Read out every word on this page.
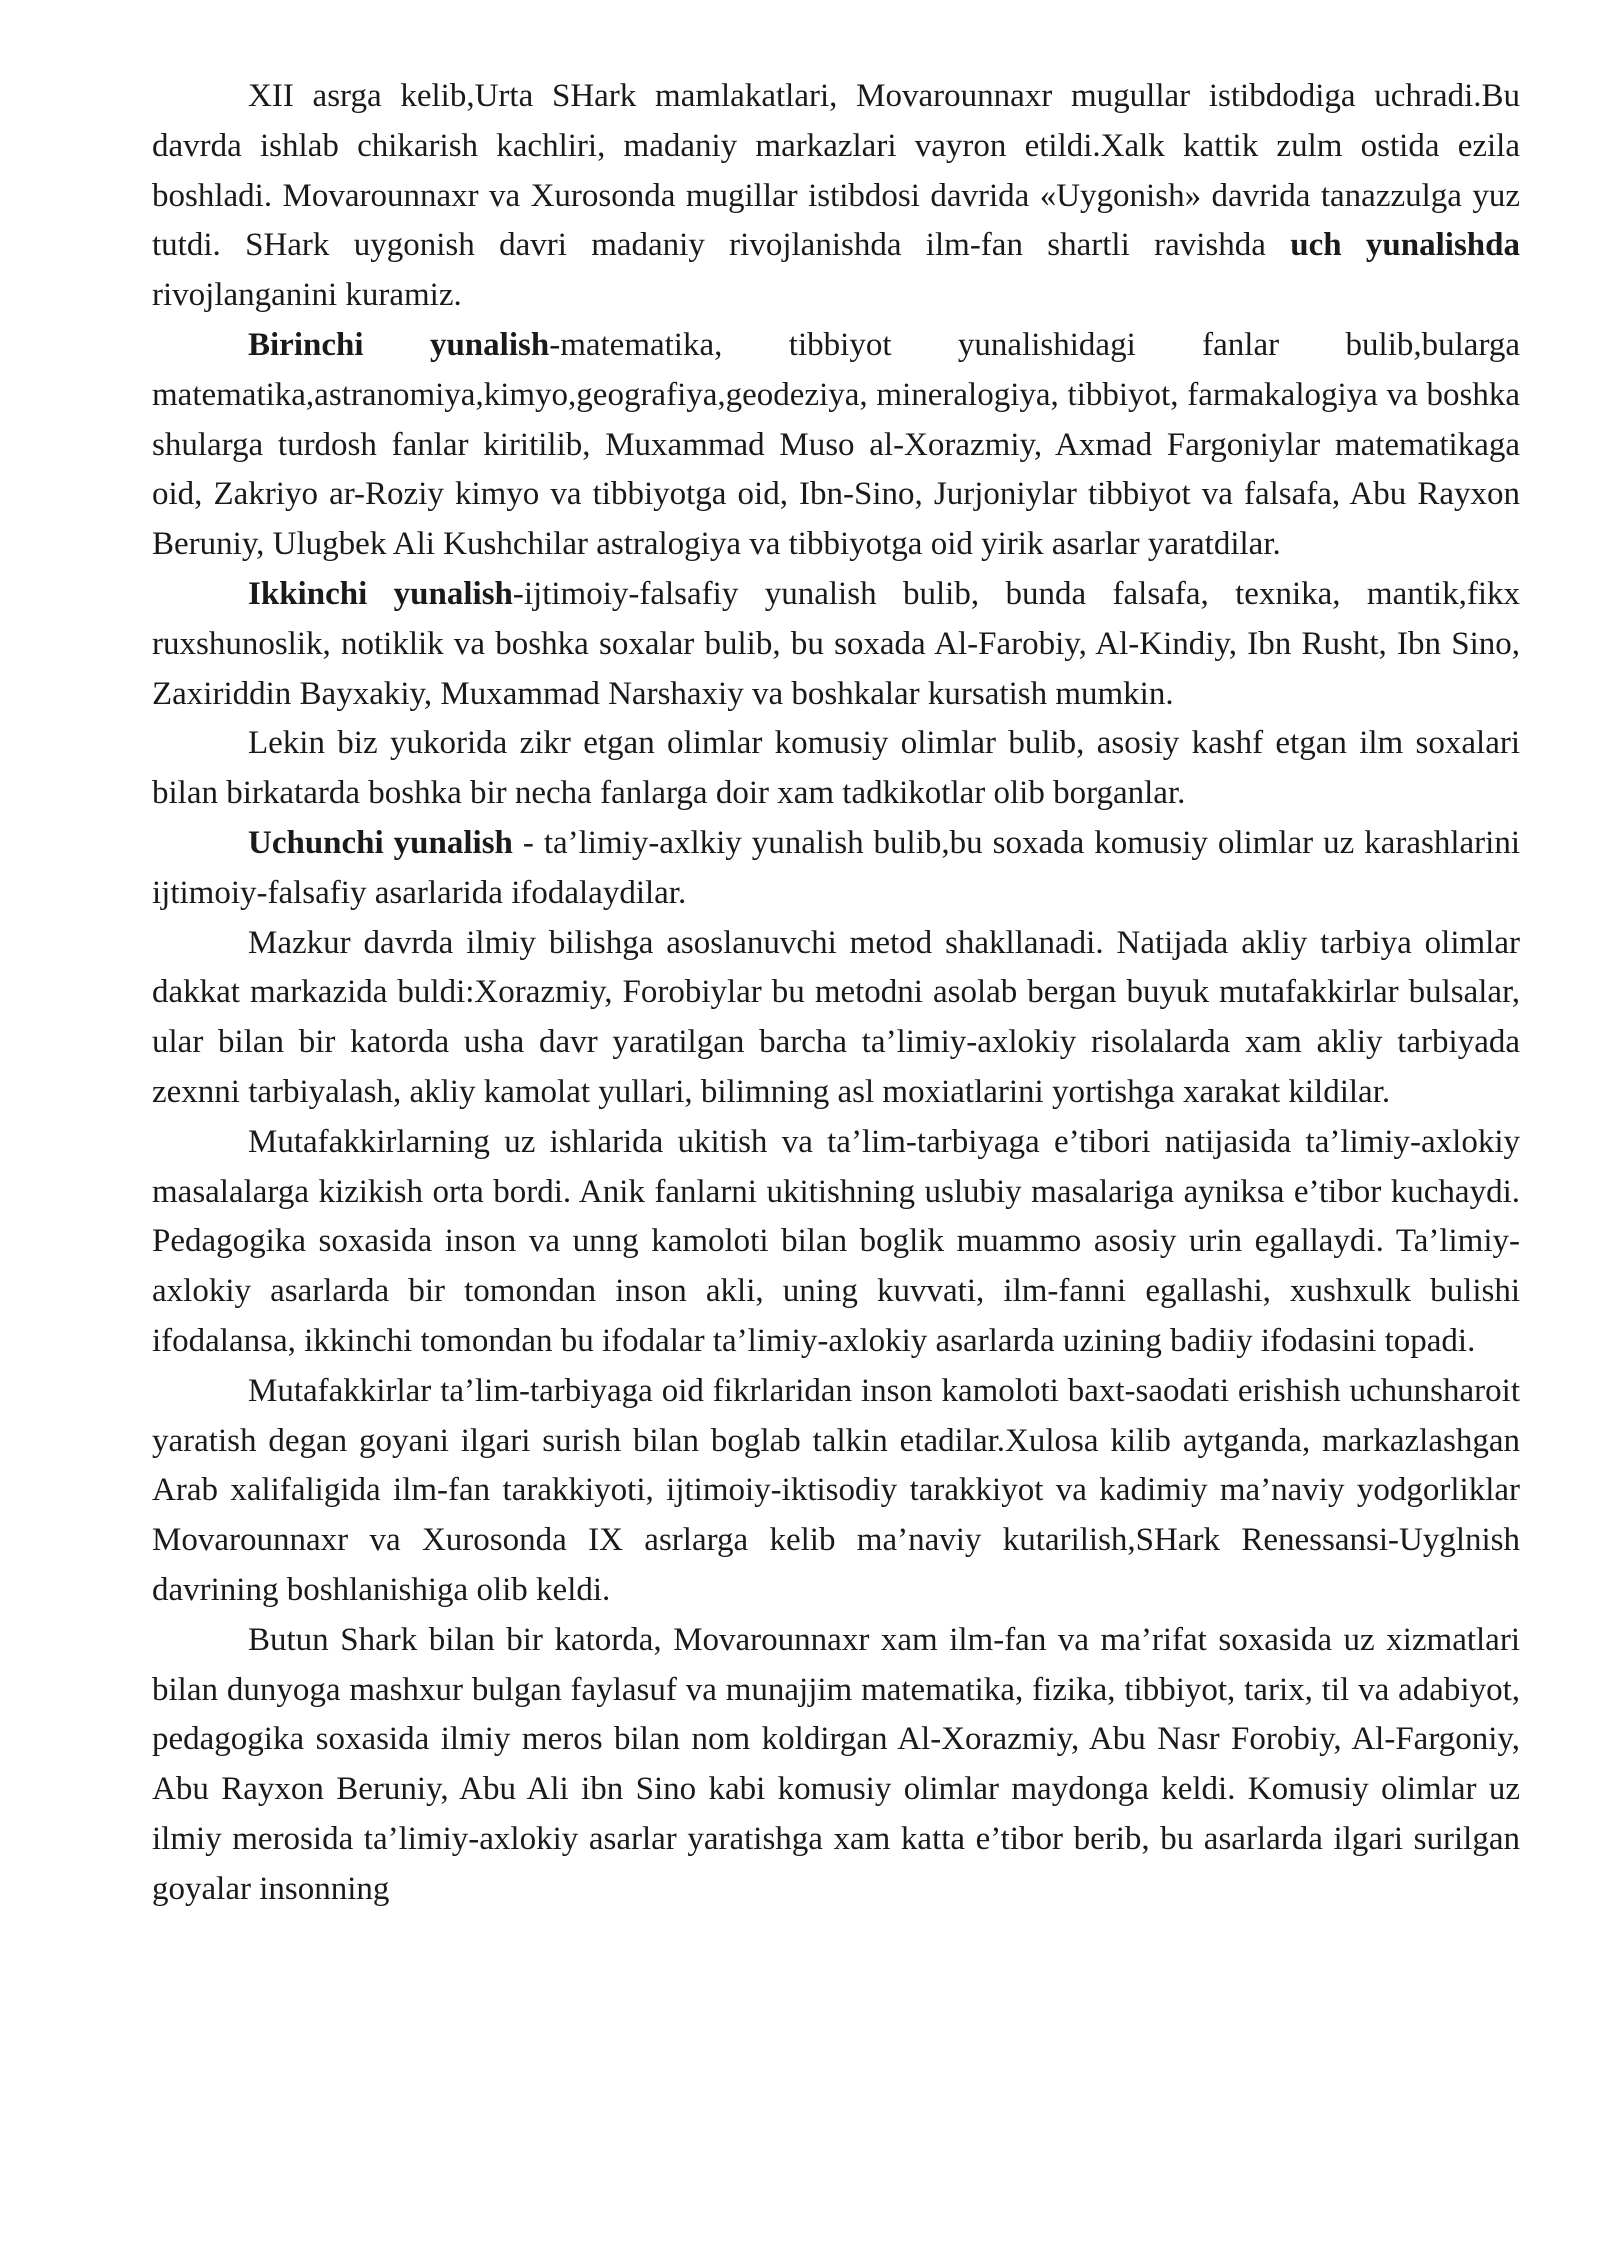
XII asrga kelib,Urta SHark mamlakatlari, Movarounnaxr mugullar istibdodiga uchradi.Bu davrda ishlab chikarish kachliri, madaniy markazlari vayron etildi.Xalk kattik zulm ostida ezila boshladi. Movarounnaxr va Xurosonda mugillar istibdosi davrida «Uygonish» davrida tanazzulga yuz tutdi. SHark uygonish davri madaniy rivojlanishda ilm-fan shartli ravishda uch yunalishda rivojlanganini kuramiz.

Birinchi yunalish-matematika, tibbiyot yunalishidagi fanlar bulib,bularga matematika,astranomiya,kimyo,geografiya,geodeziya, mineralogiya, tibbiyot, farmakalogiya va boshka shularga turdosh fanlar kiritilib, Muxammad Muso al-Xorazmiy, Axmad Fargoniylar matematikaga oid, Zakriyo ar-Roziy kimyo va tibbiyotga oid, Ibn-Sino, Jurjoniylar tibbiyot va falsafa, Abu Rayxon Beruniy, Ulugbek Ali Kushchilar astralogiya va tibbiyotga oid yirik asarlar yaratdilar.

Ikkinchi yunalish-ijtimoiy-falsafiy yunalish bulib, bunda falsafa, texnika, mantik,fikx ruxshunoslik, notiklik va boshka soxalar bulib, bu soxada Al-Farobiy, Al-Kindiy, Ibn Rusht, Ibn Sino, Zaxiriddin Bayxakiy, Muxammad Narshaxiy va boshkalar kursatish mumkin.

Lekin biz yukorida zikr etgan olimlar komusiy olimlar bulib, asosiy kashf etgan ilm soxalari bilan birkatarda boshka bir necha fanlarga doir xam tadkikotlar olib borganlar.

Uchunchi yunalish - ta’limiy-axlkiy yunalish bulib,bu soxada komusiy olimlar uz karashlarini ijtimoiy-falsafiy asarlarida ifodalaydilar.

Mazkur davrda ilmiy bilishga asoslanuvchi metod shakllanadi. Natijada akliy tarbiya olimlar dakkat markazida buldi:Xorazmiy, Forobiylar bu metodni asolab bergan buyuk mutafakkirlar bulsalar, ular bilan bir katorda usha davr yaratilgan barcha ta’limiy-axlokiy risolalarda xam akliy tarbiyada zexnni tarbiyalash, akliy kamolat yullari, bilimning asl moxiatlarini yortishga xarakat kildilar.

Mutafakkirlarning uz ishlarida ukitish va ta’lim-tarbiyaga e’tibori natijasida ta’limiy-axlokiy masalalarga kizikish orta bordi. Anik fanlarni ukitishning uslubiy masalariga ayniksa e’tibor kuchaydi. Pedagogika soxasida inson va unng kamoloti bilan boglik muammo asosiy urin egallaydi. Ta’limiy-axlokiy asarlarda bir tomondan inson akli, uning kuvvati, ilm-fanni egallashi, xushxulk bulishi ifodalansa, ikkinchi tomondan bu ifodalar ta’limiy-axlokiy asarlarda uzining badiiy ifodasini topadi.

Mutafakkirlar ta’lim-tarbiyaga oid fikrlaridan inson kamoloti baxt-saodati erishish uchunsharoit yaratish degan goyani ilgari surish bilan boglab talkin etadilar.Xulosa kilib aytganda, markazlashgan Arab xalifaligida ilm-fan tarakkiyoti, ijtimoiy-iktisodiy tarakkiyot va kadimiy ma’naviy yodgorliklar Movarounnaxr va Xurosonda IX asrlarga kelib ma’naviy kutarilish,SHark Renessansi-Uyglnish davrining boshlanishiga olib keldi.

Butun Shark bilan bir katorda, Movarounnaxr xam ilm-fan va ma’rifat soxasida uz xizmatlari bilan dunyoga mashxur bulgan faylasuf va munajjim matematika, fizika, tibbiyot, tarix, til va adabiyot, pedagogika soxasida ilmiy meros bilan nom koldirgan Al-Xorazmiy, Abu Nasr Forobiy, Al-Fargoniy, Abu Rayxon Beruniy, Abu Ali ibn Sino kabi komusiy olimlar maydonga keldi. Komusiy olimlar uz ilmiy merosida ta’limiy-axlokiy asarlar yaratishga xam katta e’tibor berib, bu asarlarda ilgari surilgan goyalar insonning
